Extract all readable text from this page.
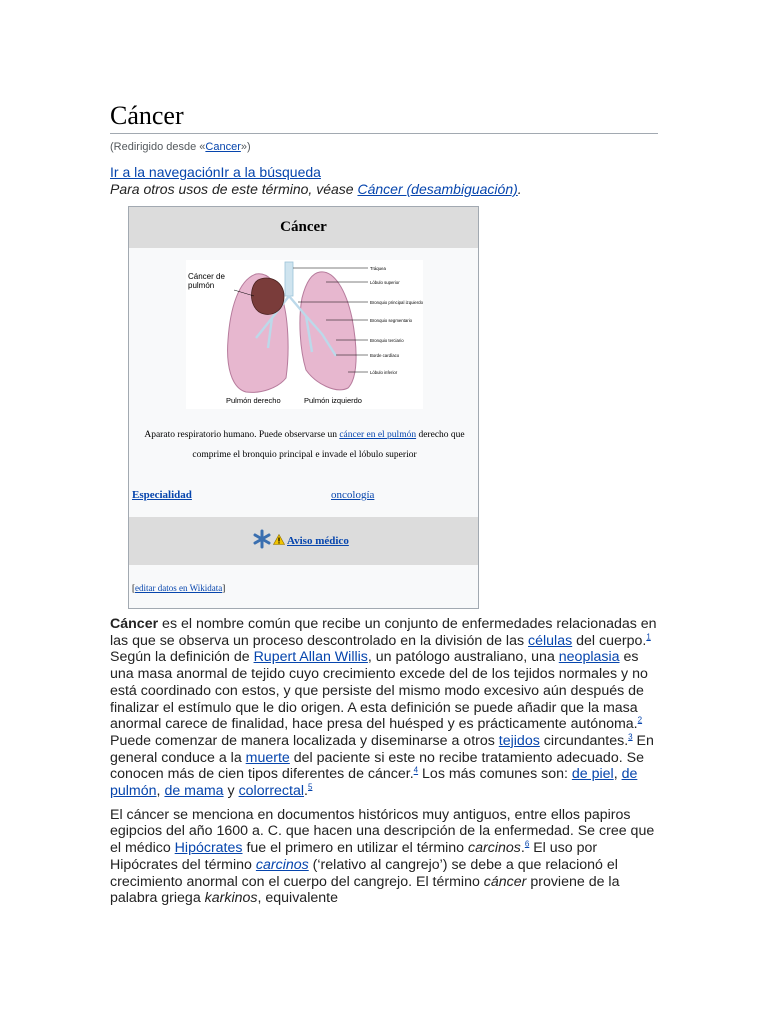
Cáncer
(Redirigido desde «Cancer»)
Ir a la navegaciónIr a la búsqueda
Para otros usos de este término, véase Cáncer (desambiguación).
Cáncer
Tráquea
Lóbulo superior
Bronquio principal izquierdo
Bronquio segmentario
Bronquio terciario
Borde cardíaco
Lóbulo inferior
Cáncer de pulmón
Pulmón derecho	Pulmón izquierdo
Aparato respiratorio humano. Puede observarse un cáncer en el pulmón derecho que comprime el bronquio principal e invade el lóbulo superior
Especialidad	oncología
Aviso médico
[editar datos en Wikidata]

Cáncer es el nombre común que recibe un conjunto de enfermedades relacionadas en las que se observa un proceso descontrolado en la división de las células del cuerpo.$^1$ Según la definición de Rupert Allan Willis, un patólogo australiano, una neoplasia es una masa anormal de tejido cuyo crecimiento excede del de los tejidos normales y no está coordinado con estos, y que persiste del mismo modo excesivo aún después de finalizar el estímulo que le dio origen. A esta definición se puede añadir que la masa anormal carece de finalidad, hace presa del huésped y es prácticamente autónoma.$^2$ Puede comenzar de manera localizada y diseminarse a otros tejidos circundantes.$^3$ En general conduce a la muerte del paciente si este no recibe tratamiento adecuado. Se conocen más de cien tipos diferentes de cáncer.$^4$ Los más comunes son: de piel, de pulmón, de mama y colorrectal.$^5$

El cáncer se menciona en documentos históricos muy antiguos, entre ellos papiros egipcios del año 1600 a. C. que hacen una descripción de la enfermedad. Se cree que el médico Hipócrates fue el primero en utilizar el término carcinos.$^6$ El uso por Hipócrates del término carcinos (‘relativo al cangrejo’) se debe a que relacionó el crecimiento anormal con el cuerpo del cangrejo. El término cáncer proviene de la palabra griega karkinos, equivalente
